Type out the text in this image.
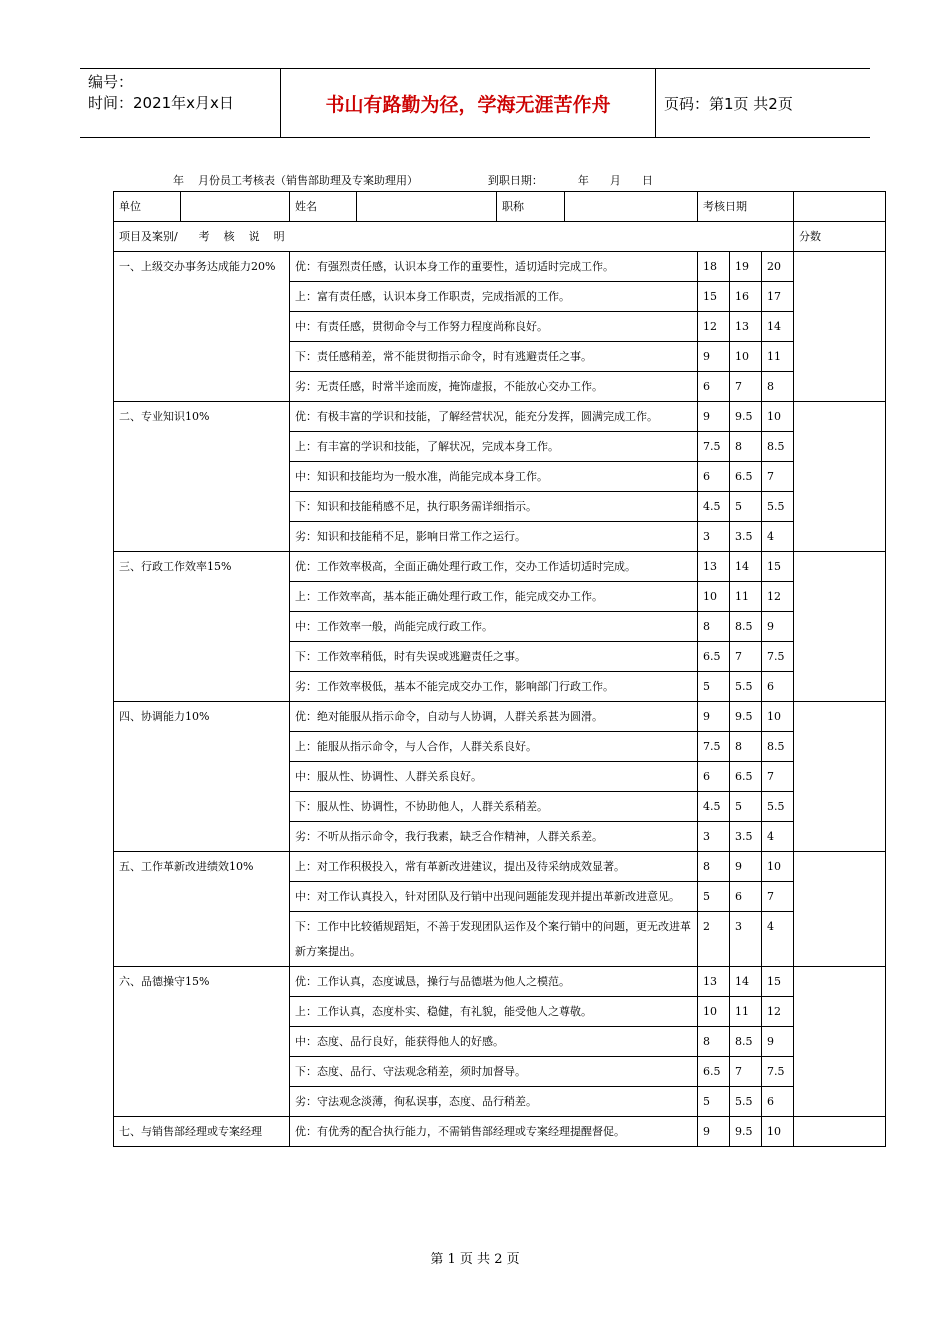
编号：
时间：2021年x月x日	书山有路勤为径，学海无涯苦作舟	页码：第1页 共2页
年    月份员工考核表（销售部助理及专案助理用）                    到职日期：          年      月      日
单位		姓名		职称		考核日期			
项目及案别/      考    核    说    明									分数
一、上级交办事务达成能力20%		优：有强烈责任感，认识本身工作的重要性，适切适时完成工作。				18	19	20	
		上：富有责任感，认识本身工作职责，完成指派的工作。				15	16	17	
		中：有责任感，贯彻命令与工作努力程度尚称良好。				12	13	14	
		下：责任感稍差，常不能贯彻指示命令，时有逃避责任之事。				9	10	11	
		劣：无责任感，时常半途而废，掩饰虚报，不能放心交办工作。				6	7	8	
二、专业知识10%		优：有极丰富的学识和技能，了解经营状况，能充分发挥，圆满完成工作。				9	9.5	10	
		上：有丰富的学识和技能，了解状况，完成本身工作。				7.5	8	8.5	
		中：知识和技能均为一般水准，尚能完成本身工作。				6	6.5	7	
		下：知识和技能稍感不足，执行职务需详细指示。				4.5	5	5.5	
		劣：知识和技能稍不足，影响日常工作之运行。				3	3.5	4	
三、行政工作效率15%		优：工作效率极高，全面正确处理行政工作，交办工作适切适时完成。				13	14	15	
		上：工作效率高，基本能正确处理行政工作，能完成交办工作。				10	11	12	
		中：工作效率一般，尚能完成行政工作。				8	8.5	9	
		下：工作效率稍低，时有失误或逃避责任之事。				6.5	7	7.5	
		劣：工作效率极低，基本不能完成交办工作，影响部门行政工作。				5	5.5	6	
四、协调能力10%		优：绝对能服从指示命令，自动与人协调，人群关系甚为圆滑。				9	9.5	10	
		上：能服从指示命令，与人合作，人群关系良好。				7.5	8	8.5	
		中：服从性、协调性、人群关系良好。				6	6.5	7	
		下：服从性、协调性，不协助他人，人群关系稍差。				4.5	5	5.5	
		劣：不听从指示命令，我行我素，缺乏合作精神，人群关系差。				3	3.5	4	
五、工作革新改进绩效10%		上：对工作积极投入，常有革新改进建议，提出及待采纳成效显著。				8	9	10	
		中：对工作认真投入，针对团队及行销中出现问题能发现并提出革新改进意见。				5	6	7	
		下：工作中比较循规蹈矩，不善于发现团队运作及个案行销中的问题，更无改进革新方案提出。				2	3	4	
六、品德操守15%		优：工作认真，态度诚恳，操行与品德堪为他人之模范。				13	14	15	
		上：工作认真，态度朴实、稳健，有礼貌，能受他人之尊敬。				10	11	12	
		中：态度、品行良好，能获得他人的好感。				8	8.5	9	
		下：态度、品行、守法观念稍差，须时加督导。				6.5	7	7.5	
		劣：守法观念淡薄，徇私误事，态度、品行稍差。				5	5.5	6	
七、与销售部经理或专案经理		优：有优秀的配合执行能力，不需销售部经理或专案经理提醒督促。				9	9.5	10	
第 1 页 共 2 页
